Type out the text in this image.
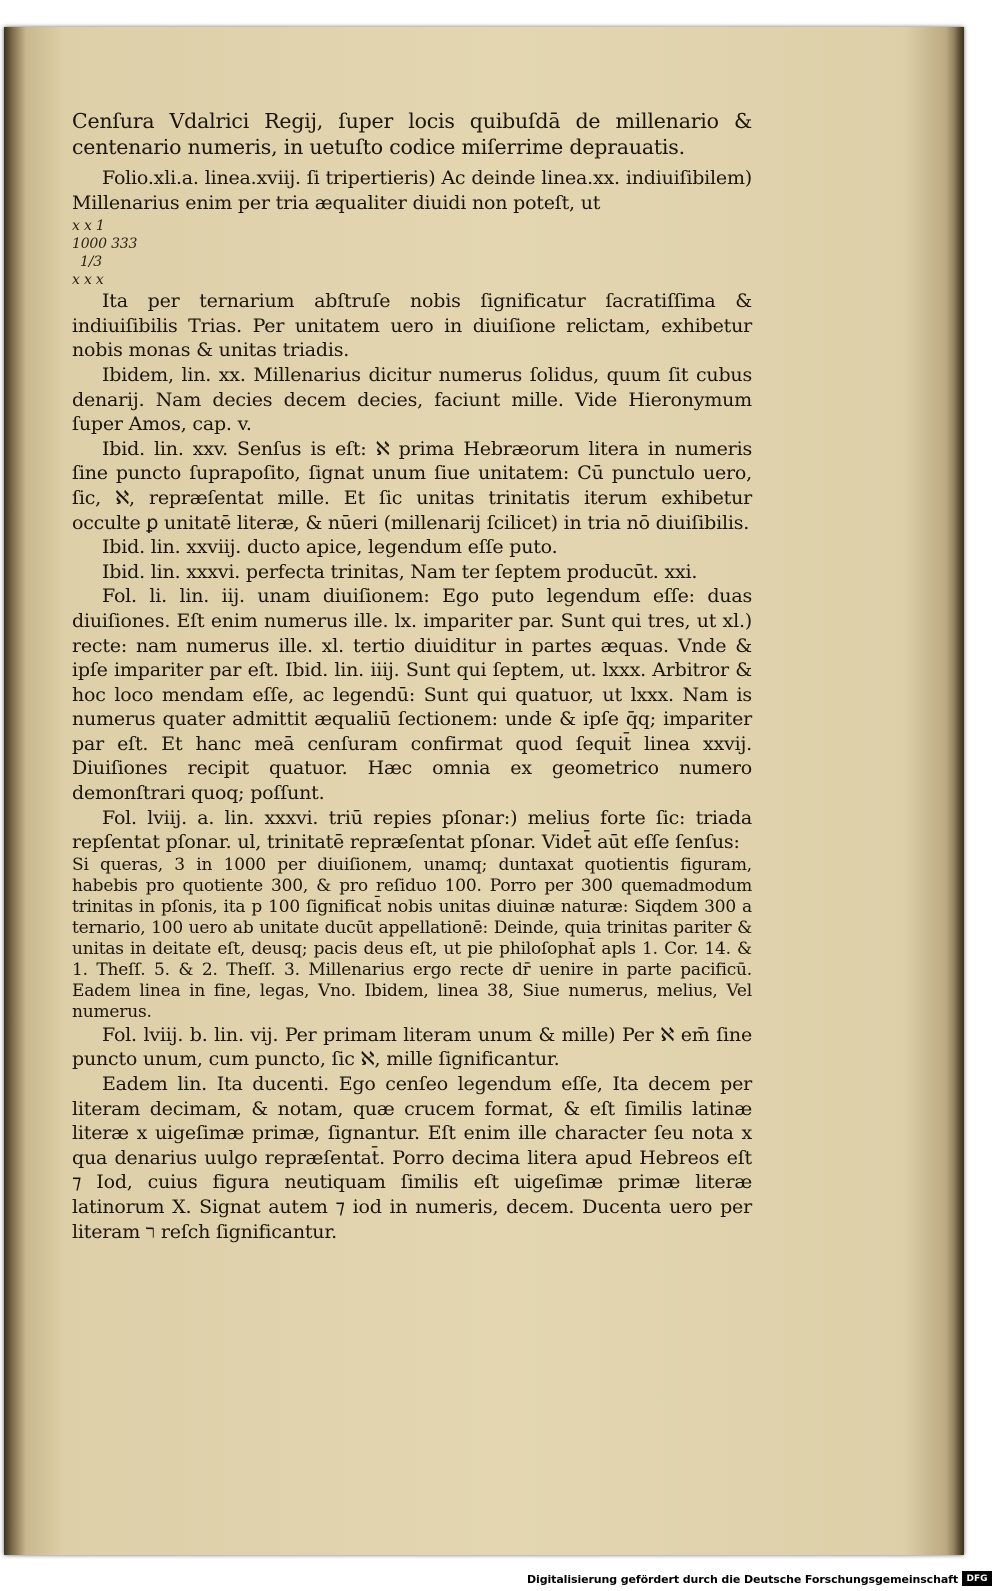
Cenſura Vdalrici Regij, ſuper locis quibuſdā de millenario & centenario numeris, in uetuſto codice miſerrime deprauatis.

Folio.xli.a. linea.xviij. ſi tripertieris) Ac deinde linea.xx. indiuiſibilem) Millenarius enim per tria æqualiter diuidi non poteſt, ut

x x 1
1000 333
1/3
x x x

Ita per ternarium abſtruſe nobis ſignificatur ſacratiſſima & indiuiſibilis Trias. Per unitatem uero in diuiſione relictam, exhibetur nobis monas & unitas triadis.

Ibidem, lin. xx. Millenarius dicitur numerus ſolidus, quum ſit cubus denarij. Nam decies decem decies, faciunt mille. Vide Hieronymum ſuper Amos, cap. v.

Ibid. lin. xxv. Senſus is eſt: ℵ prima Hebræorum litera in numeris ſine puncto ſuprapoſito, ſignat unum ſiue unitatem: Cū punctulo uero, ſic, ℵ, repræſentat mille. Et ſic unitas trinitatis iterum exhibetur occulte ꝑ unitatē literæ, & nūeri (millenarij ſcilicet) in tria nō diuiſibilis.

Ibid. lin. xxviij. ducto apice, legendum eſſe puto.

Ibid. lin. xxxvi. perfecta trinitas, Nam ter ſeptem producūt. xxi.

Fol. li. lin. iij. unam diuiſionem: Ego puto legendum eſſe: duas diuiſiones. Eſt enim numerus ille. lx. impariter par. Sunt qui tres, ut xl.) recte: nam numerus ille. xl. tertio diuiditur in partes æquas. Vnde & ipſe impariter par eſt. Ibid. lin. iiij. Sunt qui ſeptem, ut. lxxx. Arbitror & hoc loco mendam eſſe, ac legendū: Sunt qui quatuor, ut lxxx. Nam is numerus quater admittit æqualiū ſectionem: unde & ipſe q̄q; impariter par eſt. Et hanc meā cenſuram confirmat quod ſequit̄ linea xxvij. Diuiſiones recipit quatuor. Hæc omnia ex geometrico numero demonſtrari quoq; poſſunt.

Fol. lviij. a. lin. xxxvi. triū repies pſonar:) melius forte ſic: triada repſentat pſonar. ul, trinitatē repræſentat pſonar. Videt̄ aūt eſſe ſenſus:

Si queras, 3 in 1000 per diuiſionem, unamq; duntaxat quotientis figuram, habebis pro quotiente 300, & pro reſiduo 100. Porro per 300 quemadmodum trinitas in pſonis, ita p 100 ſignificat̄ nobis unitas diuinæ naturæ: Siqdem 300 a ternario, 100 uero ab unitate ducūt appellationē: Deinde, quia trinitas pariter & unitas in deitate eſt, deusq; pacis deus eſt, ut pie philoſophat̄ apls 1. Cor. 14. & 1. Theſſ. 5. & 2. Theſſ. 3. Millenarius ergo recte dr̄ uenire in parte pacificū. Eadem linea in fine, legas, Vno. Ibidem, linea 38, Siue numerus, melius, Vel numerus.

Fol. lviij. b. lin. vij. Per primam literam unum & mille) Per ℵ em̄ ſine puncto unum, cum puncto, ſic ℵ, mille ſignificantur.

Eadem lin. Ita ducenti. Ego cenſeo legendum eſſe, Ita decem per literam decimam, & notam, quæ crucem format, & eſt ſimilis latinæ literæ x uigeſimæ primæ, ſignantur. Eſt enim ille character ſeu nota x qua denarius uulgo repræſentat̄. Porro decima litera apud Hebreos eſt ⁊ Iod, cuius figura neutiquam ſimilis eſt uigeſimæ primæ literæ latinorum X. Signat autem ⁊ iod in numeris, decem. Ducenta uero per literam ר reſch ſignificantur.

Digitalisierung gefördert durch die Deutsche Forschungsgemeinschaft DFG
